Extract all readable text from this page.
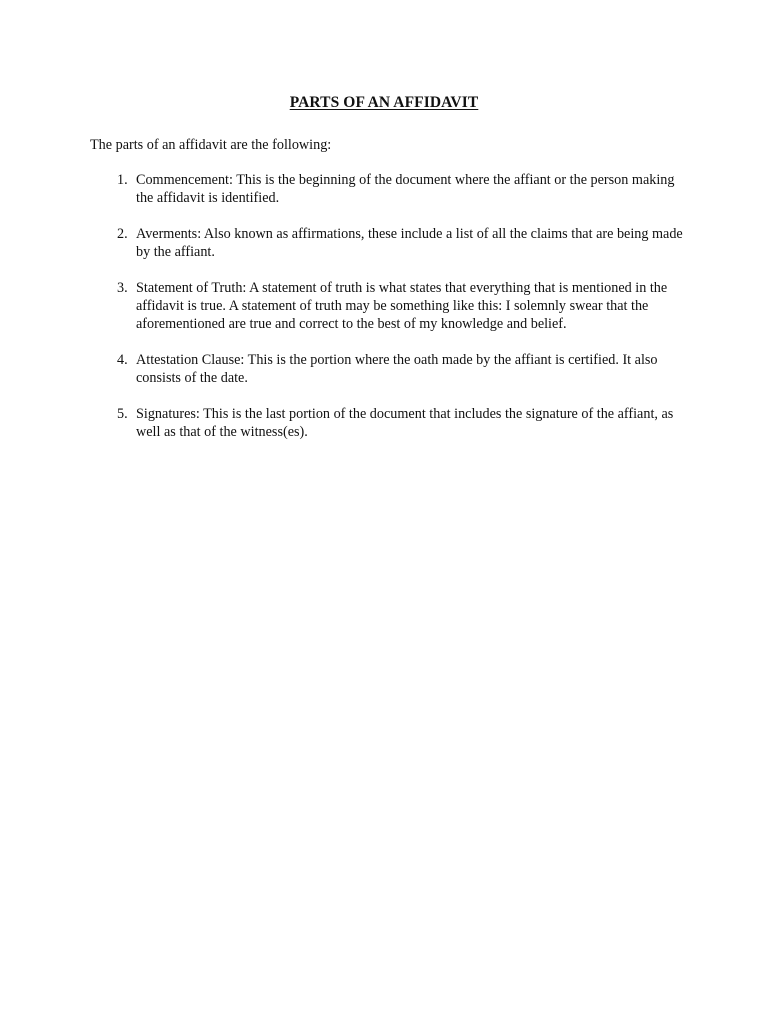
PARTS OF AN AFFIDAVIT
The parts of an affidavit are the following:
1. Commencement: This is the beginning of the document where the affiant or the person making the affidavit is identified.
2. Averments: Also known as affirmations, these include a list of all the claims that are being made by the affiant.
3. Statement of Truth: A statement of truth is what states that everything that is mentioned in the affidavit is true. A statement of truth may be something like this: I solemnly swear that the aforementioned are true and correct to the best of my knowledge and belief.
4. Attestation Clause: This is the portion where the oath made by the affiant is certified. It also consists of the date.
5. Signatures: This is the last portion of the document that includes the signature of the affiant, as well as that of the witness(es).
